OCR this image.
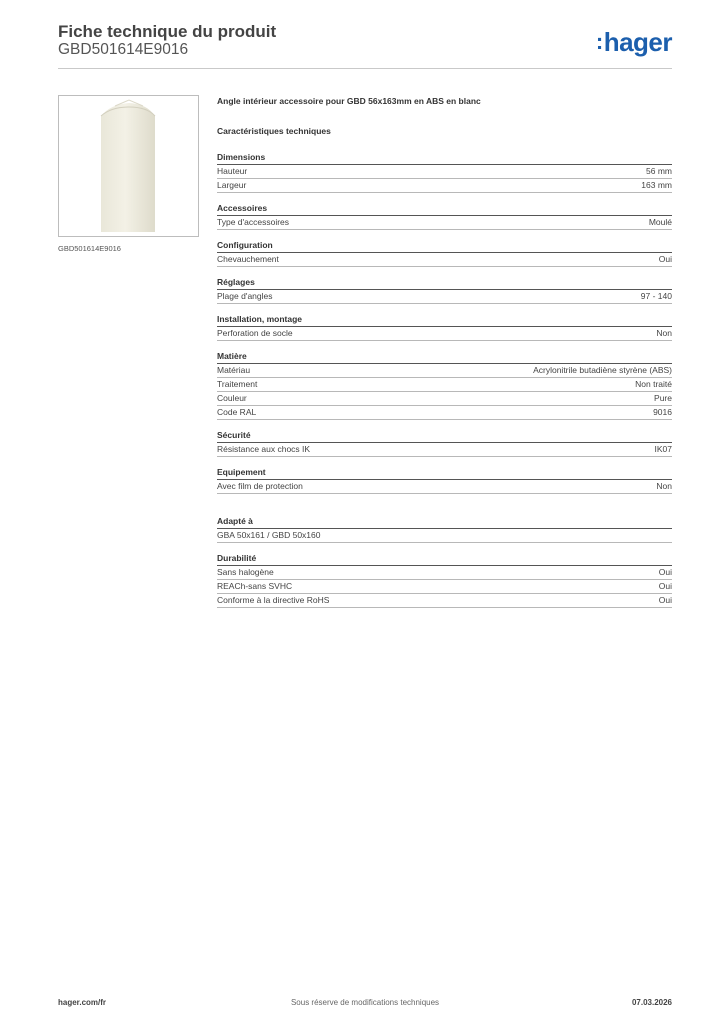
Fiche technique du produit
GBD501614E9016	:hager
GBD501614E9016
Angle intérieur accessoire pour GBD 56x163mm en ABS en blanc
Caractéristiques techniques
Dimensions
Hauteur	56 mm
Largeur	163 mm
Accessoires
Type d'accessoires	Moulé
Configuration
Chevauchement	Oui
Réglages
Plage d'angles	97 - 140
Installation, montage
Perforation de socle	Non
Matière
Matériau	Acrylonitrile butadiène styrène (ABS)
Traitement	Non traité
Couleur	Pure
Code RAL	9016
Sécurité
Résistance aux chocs IK	IK07
Equipement
Avec film de protection	Non
Adapté à
GBA 50x161 / GBD 50x160
Durabilité
Sans halogène	Oui
REACh-sans SVHC	Oui
Conforme à la directive RoHS	Oui
hager.com/fr	Sous réserve de modifications techniques	07.03.2026
